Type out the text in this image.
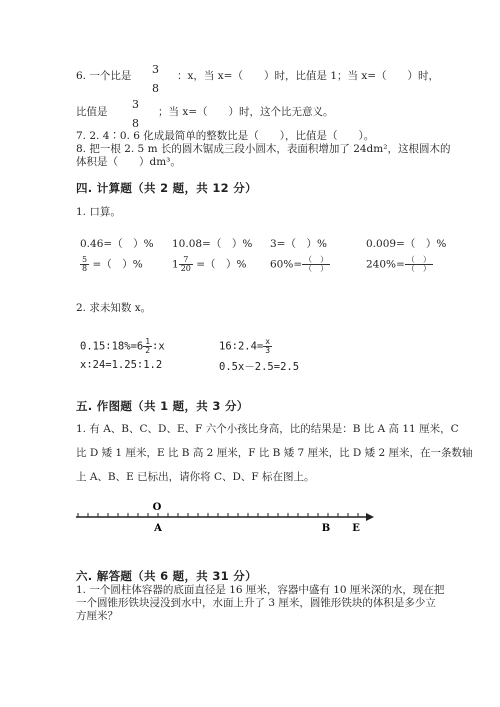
6. 一个比是 3
8
：x，当 x=（　　）时，比值是 1；当 x=（　　）时，
比值是
3
8
；当 x=（　　）时，这个比无意义。
7. 2. 4∶0. 6 化成最简单的整数比是（　　），比值是（　　）。
8. 把一根 2. 5 m 长的圆木锯成三段小圆木，表面积增加了 24dm²，这根圆木的
体积是（　　）dm³。
四. 计算题（共 2 题，共 12 分）
1. 口算。
0.46=（　）% 10.08=（　）% 3=（　）%	0.009=（　）%
$\frac{5}{8}$ =（　）%	$1 \frac{7}{20}$ =（　）% $60\%= \frac{( )}{( )}$	$240\%= \frac{( )}{( )}$
2. 求未知数 x。
0.15∶18%=6 $\frac{1}{2}$ ∶x	16∶2.4= $\frac{x}{3}$
x∶24=1.25∶1.2	0.5x－2.5=2.5
五. 作图题（共 1 题，共 3 分）
1. 有 A、B、C、D、E、F 六个小孩比身高，比的结果是：B 比 A 高 11 厘米，C
比 D 矮 1 厘米，E 比 B 高 2 厘米，F 比 B 矮 7 厘米，比 D 矮 2 厘米，在一条数轴
上 A、B、E 已标出，请你将 C、D、F 标在图上。
O
A	B E
六. 解答题（共 6 题，共 31 分）
1. 一个圆柱体容器的底面直径是 16 厘米，容器中盛有 10 厘米深的水，现在把
一个圆锥形铁块浸没到水中，水面上升了 3 厘米，圆锥形铁块的体积是多少立
方厘米？
